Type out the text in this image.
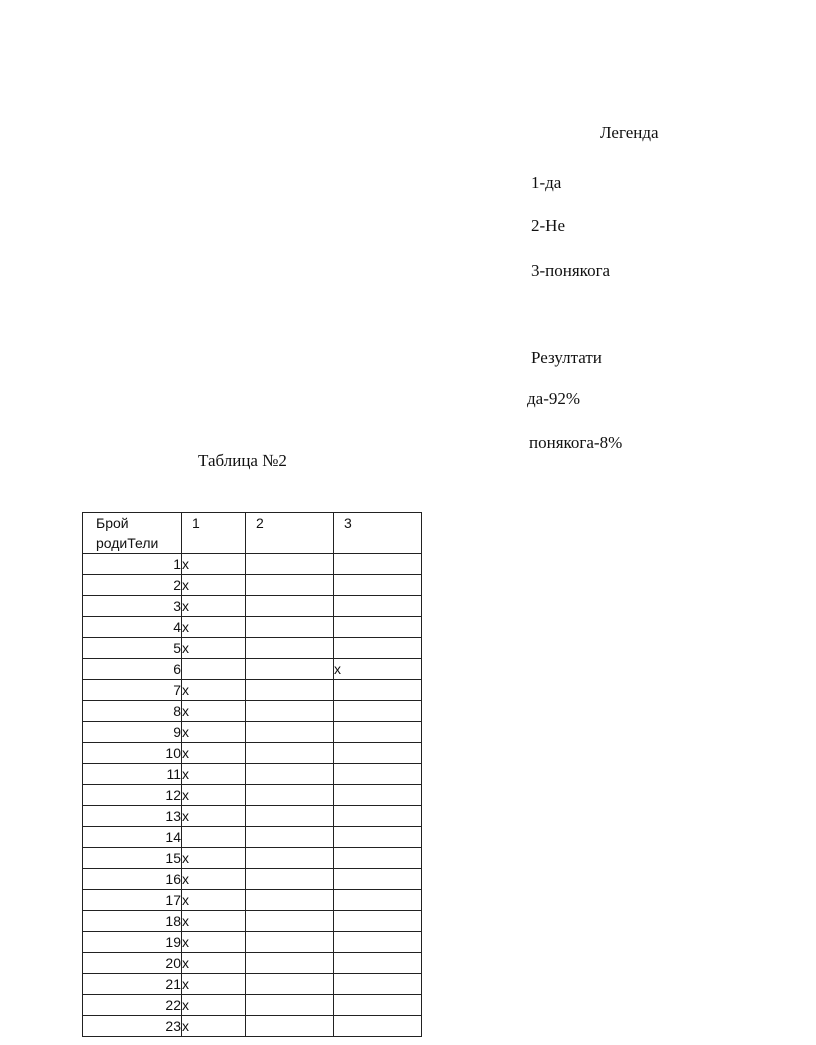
Легенда
1-да
2-Не
3-понякога
Резултати
да-92%
понякога-8%
Таблица №2
Брой родиТели	1	2	3
1	x		
2	x		
3	x		
4	x		
5	x		
6			x
7	x		
8	x		
9	x		
10	x		
11	x		
12	x		
13	x		
14			
15	x		
16	x		
17	x		
18	x		
19	x		
20	x		
21	x		
22	x		
23	x		
